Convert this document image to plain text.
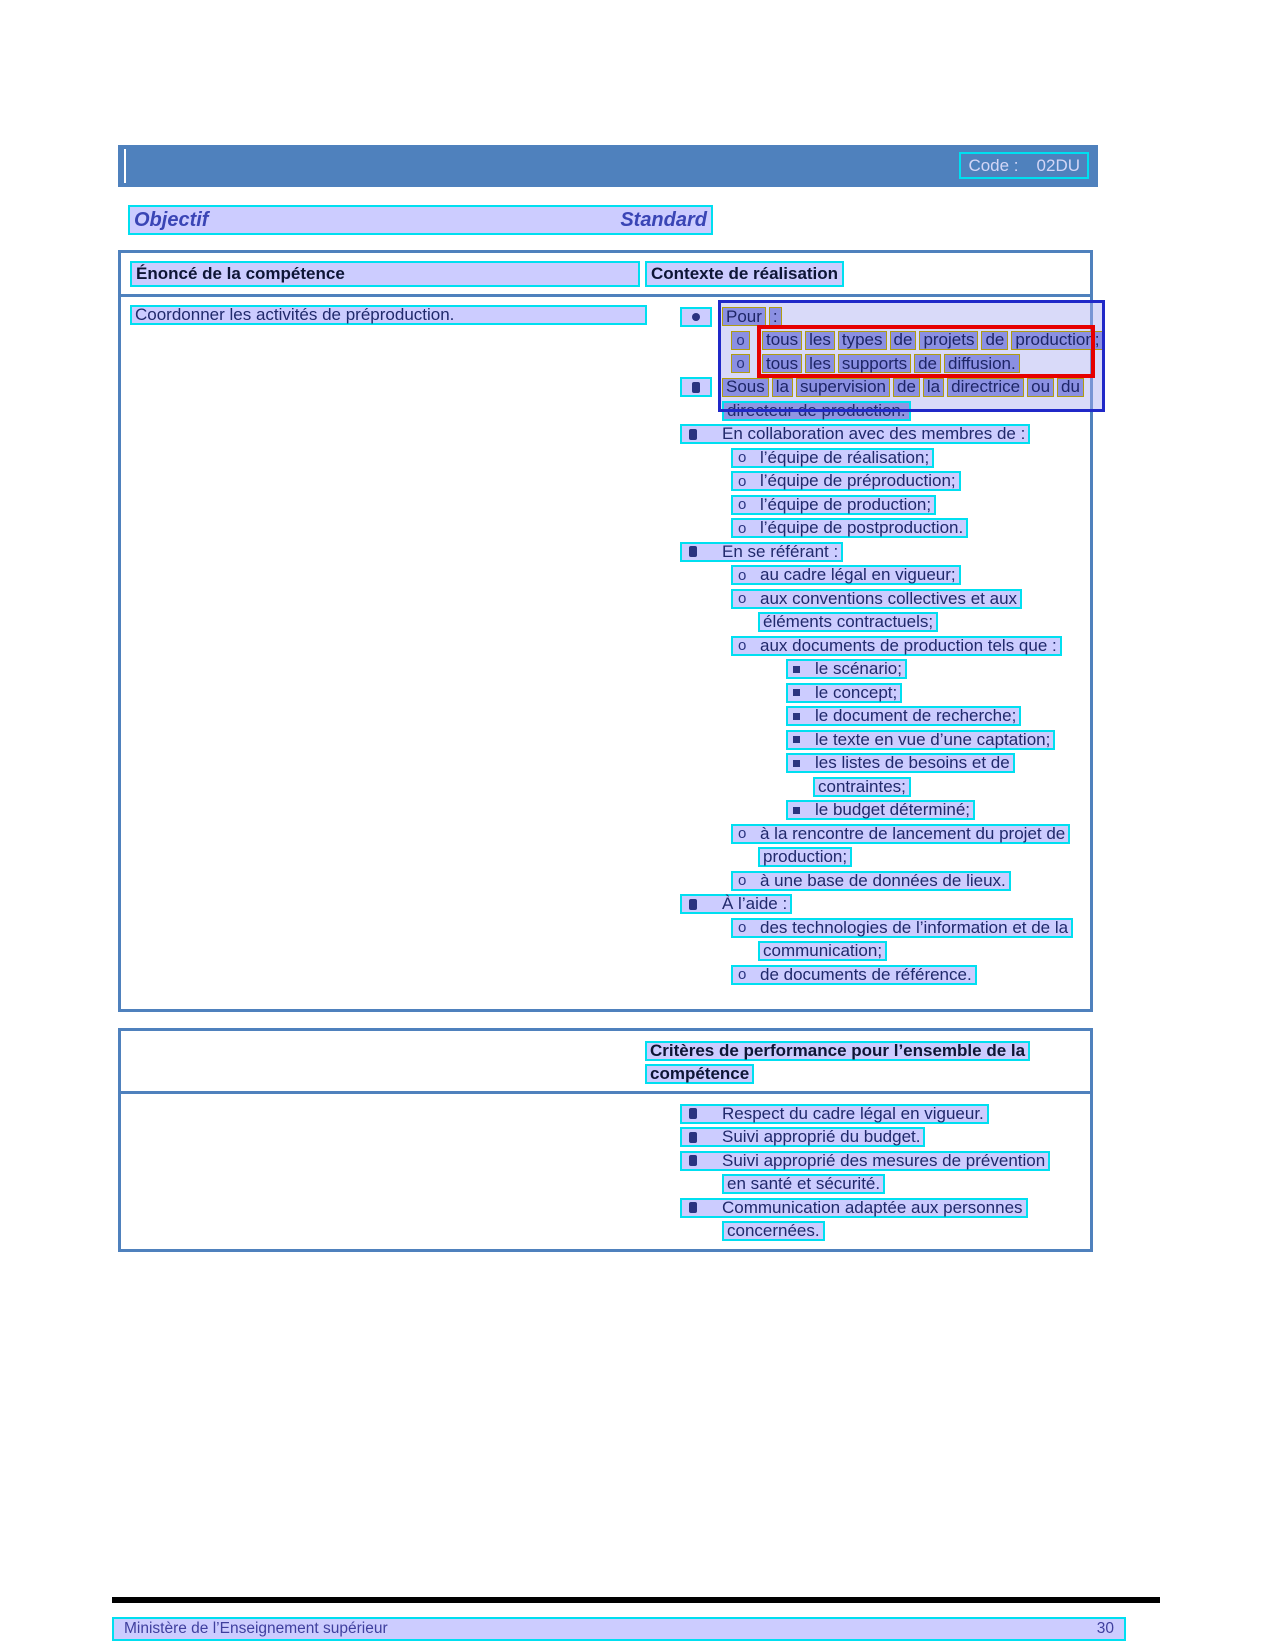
Code : 02DU
Objectif	Standard
Énoncé de la compétence	Contexte de réalisation
Coordonner les activités de préproduction.	Pour :
o tous les types de projets de production;
o tous les supports de diffusion.
Sous la supervision de la directrice ou du
directeur de production.
En collaboration avec des membres de :
o l’équipe de réalisation;
o l’équipe de préproduction;
o l’équipe de production;
o l’équipe de postproduction.
En se référant :
o au cadre légal en vigueur;
o aux conventions collectives et aux
éléments contractuels;
o aux documents de production tels que :
le scénario;
le concept;
le document de recherche;
le texte en vue d’une captation;
les listes de besoins et de
contraintes;
le budget déterminé;
o à la rencontre de lancement du projet de
production;
o à une base de données de lieux.
À l’aide :
o des technologies de l’information et de la
communication;
o de documents de référence.
Critères de performance pour l’ensemble de la
compétence
Respect du cadre légal en vigueur.
Suivi approprié du budget.
Suivi approprié des mesures de prévention
en santé et sécurité.
Communication adaptée aux personnes
concernées.
Ministère de l’Enseignement supérieur	30
